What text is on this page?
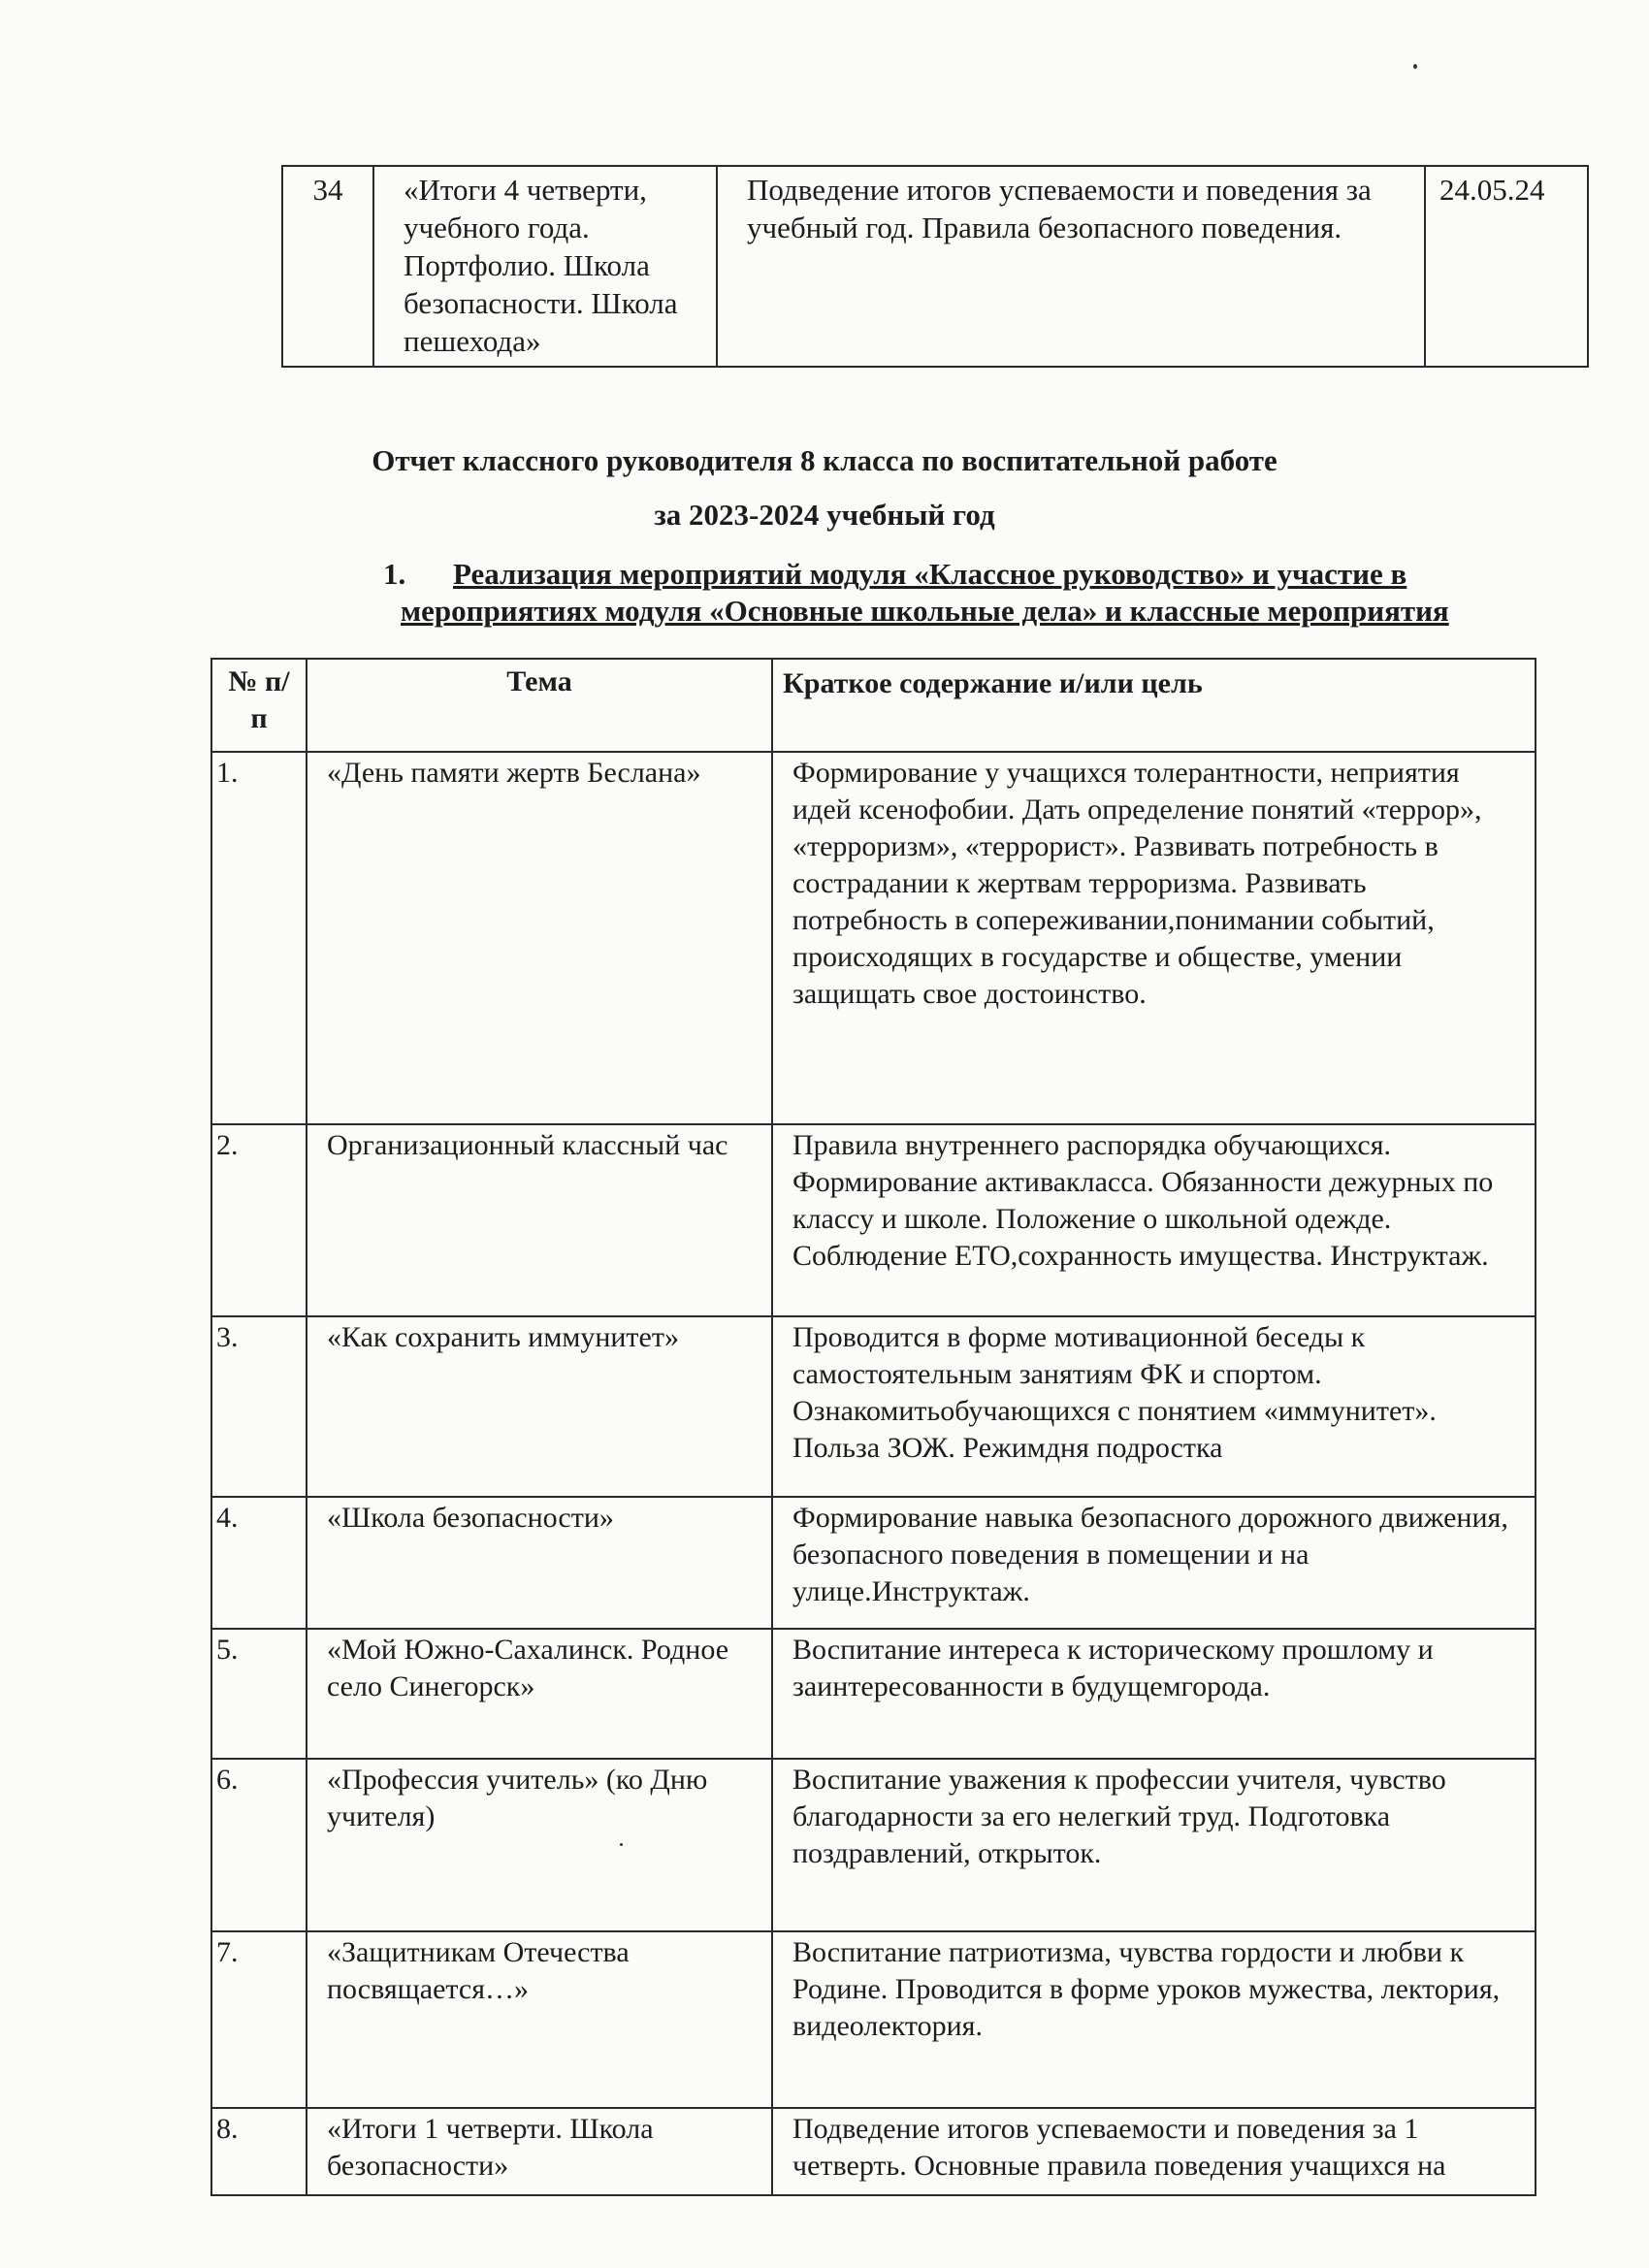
34	«Итоги 4 четверти, учебного года. Портфолио. Школа безопасности. Школа пешехода»	Подведение итогов успеваемости и поведения за учебный год. Правила безопасного поведения.	24.05.24
Отчет классного руководителя 8 класса по воспитательной работе
за 2023-2024 учебный год
1. Реализация мероприятий модуля «Классное руководство» и участие в
мероприятиях модуля «Основные школьные дела» и классные мероприятия
№ п/п	Тема	Краткое содержание и/или цель
1.	«День памяти жертв Беслана»	Формирование у учащихся толерантности, неприятия идей ксенофобии. Дать определение понятий «террор», «терроризм», «террорист». Развивать потребность в сострадании к жертвам терроризма. Развивать потребность в сопереживании,понимании событий, происходящих в государстве и обществе, умении защищать свое достоинство.
2.	Организационный классный час	Правила внутреннего распорядка обучающихся. Формирование активакласса. Обязанности дежурных по классу и школе. Положение о школьной одежде. Соблюдение ЕТО,сохранность имущества. Инструктаж.
3.	«Как сохранить иммунитет»	Проводится в форме мотивационной беседы к самостоятельным занятиям ФК и спортом. Ознакомитьобучающихся с понятием «иммунитет». Польза ЗОЖ. Режимдня подростка
4.	«Школа безопасности»	Формирование навыка безопасного дорожного движения, безопасного поведения в помещении и на улице.Инструктаж.
5.	«Мой Южно-Сахалинск. Родное село Синегорск»	Воспитание интереса к историческому прошлому и заинтересованности в будущемгорода.
6.	«Профессия учитель» (ко Дню учителя)	Воспитание уважения к профессии учителя, чувство благодарности за его нелегкий труд. Подготовка поздравлений, открыток.
7.	«Защитникам Отечества посвящается…»	Воспитание патриотизма, чувства гордости и любви к Родине. Проводится в форме уроков мужества, лектория, видеолектория.
8.	«Итоги 1 четверти. Школа безопасности»	Подведение итогов успеваемости и поведения за 1 четверть. Основные правила поведения учащихся на
